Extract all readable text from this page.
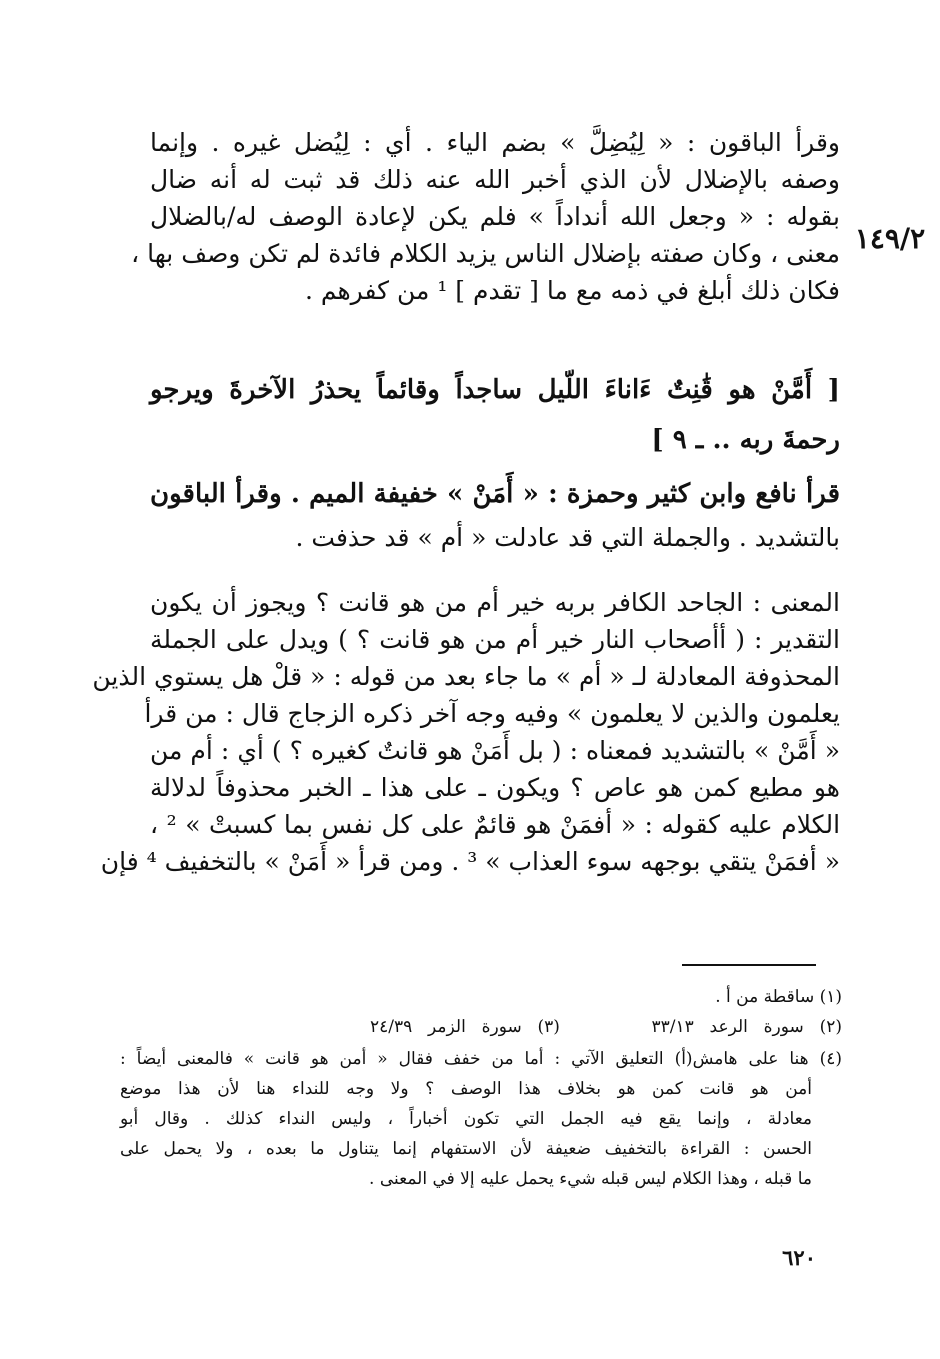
١٤٩/٢
وقرأ الباقون : « لِيُضِلَّ » بضم الياء . أي : لِيُضل غيره . وإنما
وصفه بالإضلال لأن الذي أخبر الله عنه ذلك قد ثبت له أنه ضال
بقوله : « وجعل الله أنداداً » فلم يكن لإعادة الوصف له/بالضلال
معنى ، وكان صفته بإضلال الناس يزيد الكلام فائدة لم تكن وصف بها ،
فكان ذلك أبلغ في ذمه مع ما [ تقدم ] ¹ من كفرهم .
[ أَمَّنْ هو قَٰنِتٌ ءَاناءَ اللّيل ساجداً وقائماً يحذرُ الآخرةَ ويرجو
رحمةَ ربه .. ـ ٩ ]
قرأ نافع وابن كثير وحمزة : « أَمَنْ » خفيفة الميم . وقرأ الباقون
بالتشديد . والجملة التي قد عادلت « أم » قد حذفت .
المعنى : الجاحد الكافر بربه خير أم من هو قانت ؟ ويجوز أن يكون
التقدير : ( أأصحاب النار خير أم من هو قانت ؟ ) ويدل على الجملة
المحذوفة المعادلة لـ « أم » ما جاء بعد من قوله : « قلْ هل يستوي الذين
يعلمون والذين لا يعلمون » وفيه وجه آخر ذكره الزجاج قال : من قرأ
« أَمَّنْ » بالتشديد فمعناه : ( بل أَمَنْ هو قانتٌ كغيره ؟ ) أي : أم من
هو مطيع كمن هو عاص ؟ ويكون ـ على هذا ـ الخبر محذوفاً لدلالة
الكلام عليه كقوله : « أفمَنْ هو قائمٌ على كل نفس بما كسبتْ » ² ،
« أفمَنْ يتقي بوجهه سوء العذاب » ³ . ومن قرأ « أَمَنْ » بالتخفيف ⁴ فإن
(١) ساقطة من أ .
(٢) سورة الرعد ٣٣/١٣  (٣) سورة الزمر ٢٤/٣٩
(٤) هنا على هامش(أ) التعليق الآتي : أما من خفف فقال « أمن هو قانت » فالمعنى أيضاً :
أمن هو قانت كمن هو بخلاف هذا الوصف ؟ ولا وجه للنداء هنا لأن هذا موضع
معادلة ، وإنما يقع فيه الجمل التي تكون أخباراً ، وليس النداء كذلك . وقال أبو
الحسن : القراءة بالتخفيف ضعيفة لأن الاستفهام إنما يتناول ما بعده ، ولا يحمل على
ما قبله ، وهذا الكلام ليس قبله شيء يحمل عليه إلا في المعنى .
٦٢٠
